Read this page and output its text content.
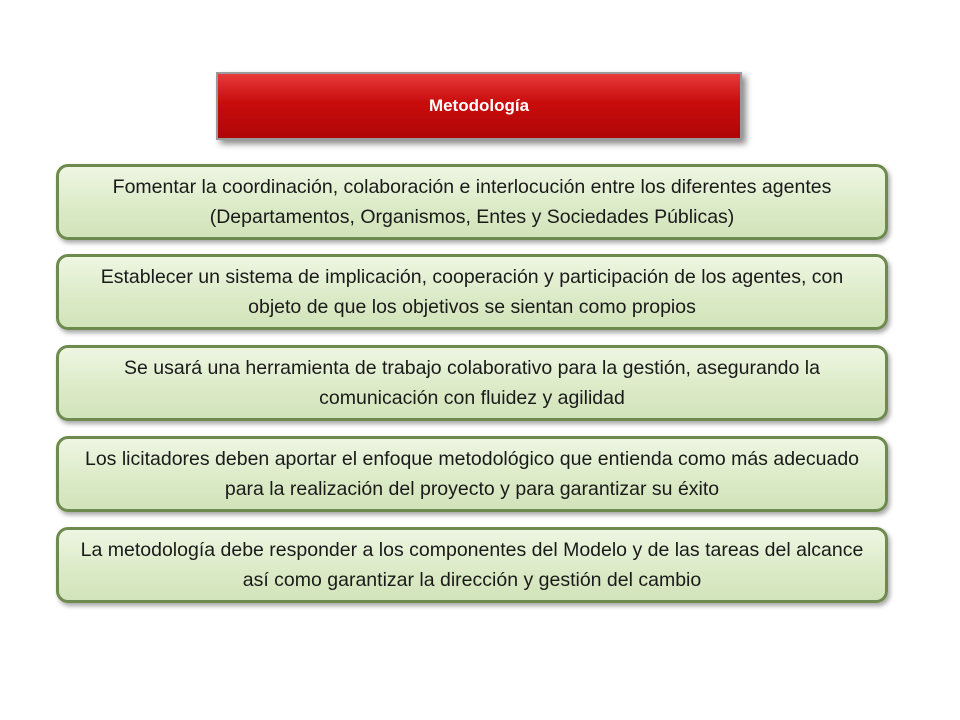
Metodología
Fomentar la coordinación, colaboración e interlocución entre los diferentes agentes (Departamentos, Organismos, Entes y Sociedades Públicas)
Establecer un sistema de implicación, cooperación y participación de los agentes, con objeto de que los objetivos se sientan como propios
Se usará una herramienta de trabajo colaborativo para la gestión, asegurando la comunicación con fluidez y agilidad
Los licitadores deben aportar el enfoque metodológico que entienda como más adecuado para la realización del proyecto y para garantizar su éxito
La metodología debe responder a los componentes del Modelo y de las tareas del alcance así como garantizar la dirección y gestión del cambio
